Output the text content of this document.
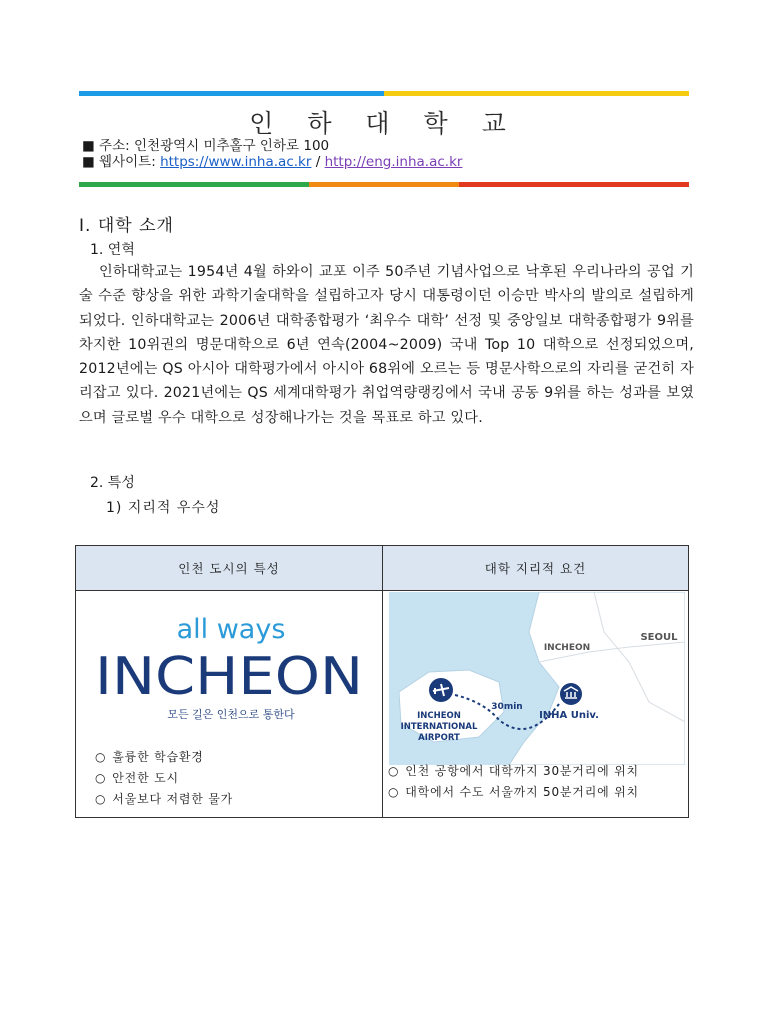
인 하 대 학 교
■ 주소: 인천광역시 미추홀구 인하로 100
■ 웹사이트: https://www.inha.ac.kr / http://eng.inha.ac.kr
Ⅰ. 대학 소개
1. 연혁
인하대학교는 1954년 4월 하와이 교포 이주 50주년 기념사업으로 낙후된 우리나라의 공업 기술 수준 향상을 위한 과학기술대학을 설립하고자 당시 대통령이던 이승만 박사의 발의로 설립하게 되었다. 인하대학교는 2006년 대학종합평가 ‘최우수 대학’ 선정 및 중앙일보 대학종합평가 9위를 차지한 10위권의 명문대학으로 6년 연속(2004~2009) 국내 Top 10 대학으로 선정되었으며, 2012년에는 QS 아시아 대학평가에서 아시아 68위에 오르는 등 명문사학으로의 자리를 굳건히 자리잡고 있다. 2021년에는 QS 세계대학평가 취업역량랭킹에서 국내 공동 9위를 하는 성과를 보였으며 글로벌 우수 대학으로 성장해나가는 것을 목표로 하고 있다.
2. 특성
1) 지리적 우수성
인천 도시의 특성	대학 지리적 요건
all ways
INCHEON
모든 길은 인천으로 통한다
SEOUL
INCHEON
30min
INCHEON
INTERNATIONAL
AIRPORT
INHA Univ.
○ 훌륭한 학습환경
○ 안전한 도시
○ 서울보다 저렴한 물가
○ 인천 공항에서 대학까지 30분거리에 위치
○ 대학에서 수도 서울까지 50분거리에 위치
